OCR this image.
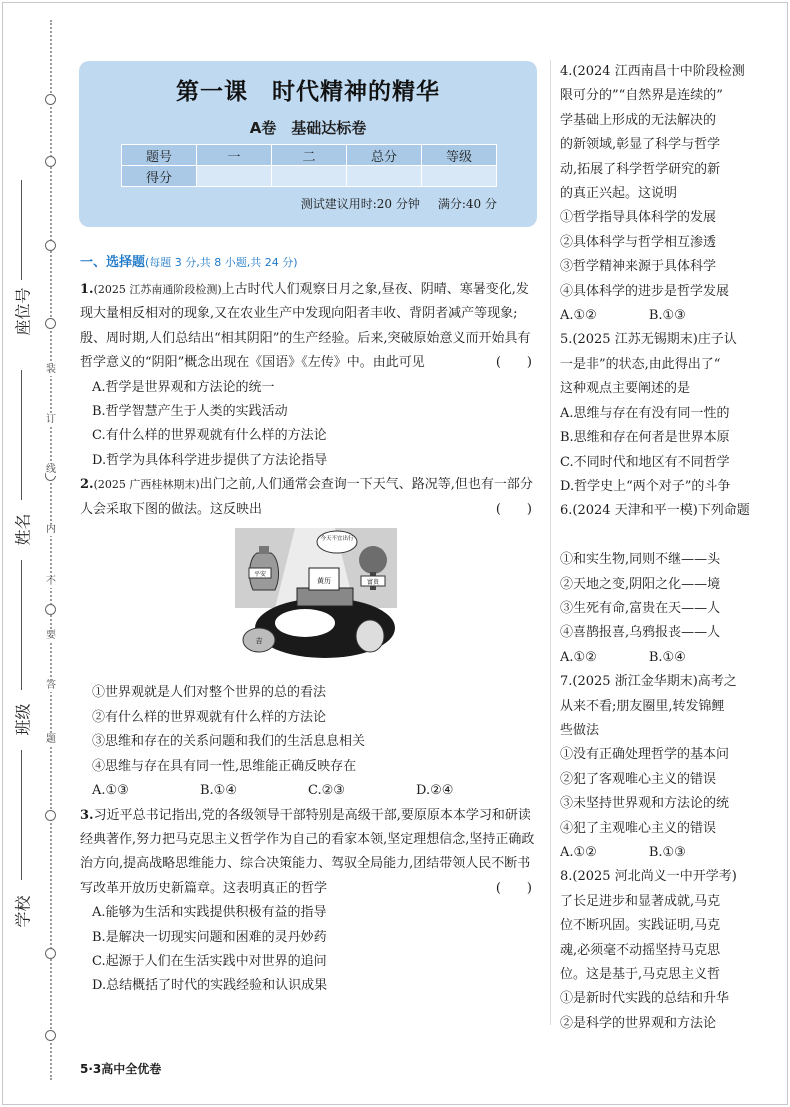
装
订
线
内
不
要
答
题
座位号
姓名
班级
学校
第一课　时代精神的精华
A卷　基础达标卷
题号	一	二	总分	等级
得分				
测试建议用时:20 分钟 满分:40 分
一、选择题(每题 3 分,共 8 小题,共 24 分)

1.(2025 江苏南通阶段检测)上古时代人们观察日月之象,昼夜、阴晴、寒暑变化,发现大量相反相对的现象,又在农业生产中发现向阳者丰收、背阴者减产等现象;殷、周时期,人们总结出“相其阴阳”的生产经验。后来,突破原始意义而开始具有哲学意义的“阴阳”概念出现在《国语》《左传》中。由此可见	(　　)

A.哲学是世界观和方法论的统一
B.哲学智慧产生于人类的实践活动
C.有什么样的世界观就有什么样的方法论
D.哲学为具体科学进步提供了方法论指导

2.(2025 广西桂林期末)出门之前,人们通常会查询一下天气、路况等,但也有一部分人会采取下图的做法。这反映出	(　　)

平安
今天不宜出行
黄历	富贵
吉
①世界观就是人们对整个世界的总的看法
②有什么样的世界观就有什么样的方法论
③思维和存在的关系问题和我们的生活息息相关
④思维与存在具有同一性,思维能正确反映存在
A.①③	B.①④	C.②③	D.②④

3.习近平总书记指出,党的各级领导干部特别是高级干部,要原原本本学习和研读经典著作,努力把马克思主义哲学作为自己的看家本领,坚定理想信念,坚持正确政治方向,提高战略思维能力、综合决策能力、驾驭全局能力,团结带领人民不断书写改革开放历史新篇章。这表明真正的哲学	(　　)

A.能够为生活和实践提供积极有益的指导
B.是解决一切现实问题和困难的灵丹妙药
C.起源于人们在生活实践中对世界的追问
D.总结概括了时代的实践经验和认识成果

4.(2024 江西南昌十中阶段检测

限可分的”“自然界是连续的”

学基础上形成的无法解决的

的新领域,彰显了科学与哲学

动,拓展了科学哲学研究的新

的真正兴起。这说明

①哲学指导具体科学的发展

②具体科学与哲学相互渗透

③哲学精神来源于具体科学

④具体科学的进步是哲学发展

A.①②　　　　B.①③

5.(2025 江苏无锡期末)庄子认

一是非”的状态,由此得出了“

这种观点主要阐述的是

A.思维与存在有没有同一性的

B.思维和存在何者是世界本原

C.不同时代和地区有不同哲学

D.哲学史上“两个对子”的斗争

6.(2024 天津和平一模)下列命题

①和实生物,同则不继——头

②天地之变,阴阳之化——境

③生死有命,富贵在天——人

④喜鹊报喜,乌鸦报丧——人

A.①②　　　　B.①④

7.(2025 浙江金华期末)高考之

从来不看;朋友圈里,转发锦鲤

些做法

①没有正确处理哲学的基本问

②犯了客观唯心主义的错误

③未坚持世界观和方法论的统

④犯了主观唯心主义的错误

A.①②　　　　B.①③

8.(2025 河北尚义一中开学考)

了长足进步和显著成就,马克

位不断巩固。实践证明,马克

魂,必须毫不动摇坚持马克思

位。这是基于,马克思主义哲

①是新时代实践的总结和升华

②是科学的世界观和方法论

5·3高中全优卷
